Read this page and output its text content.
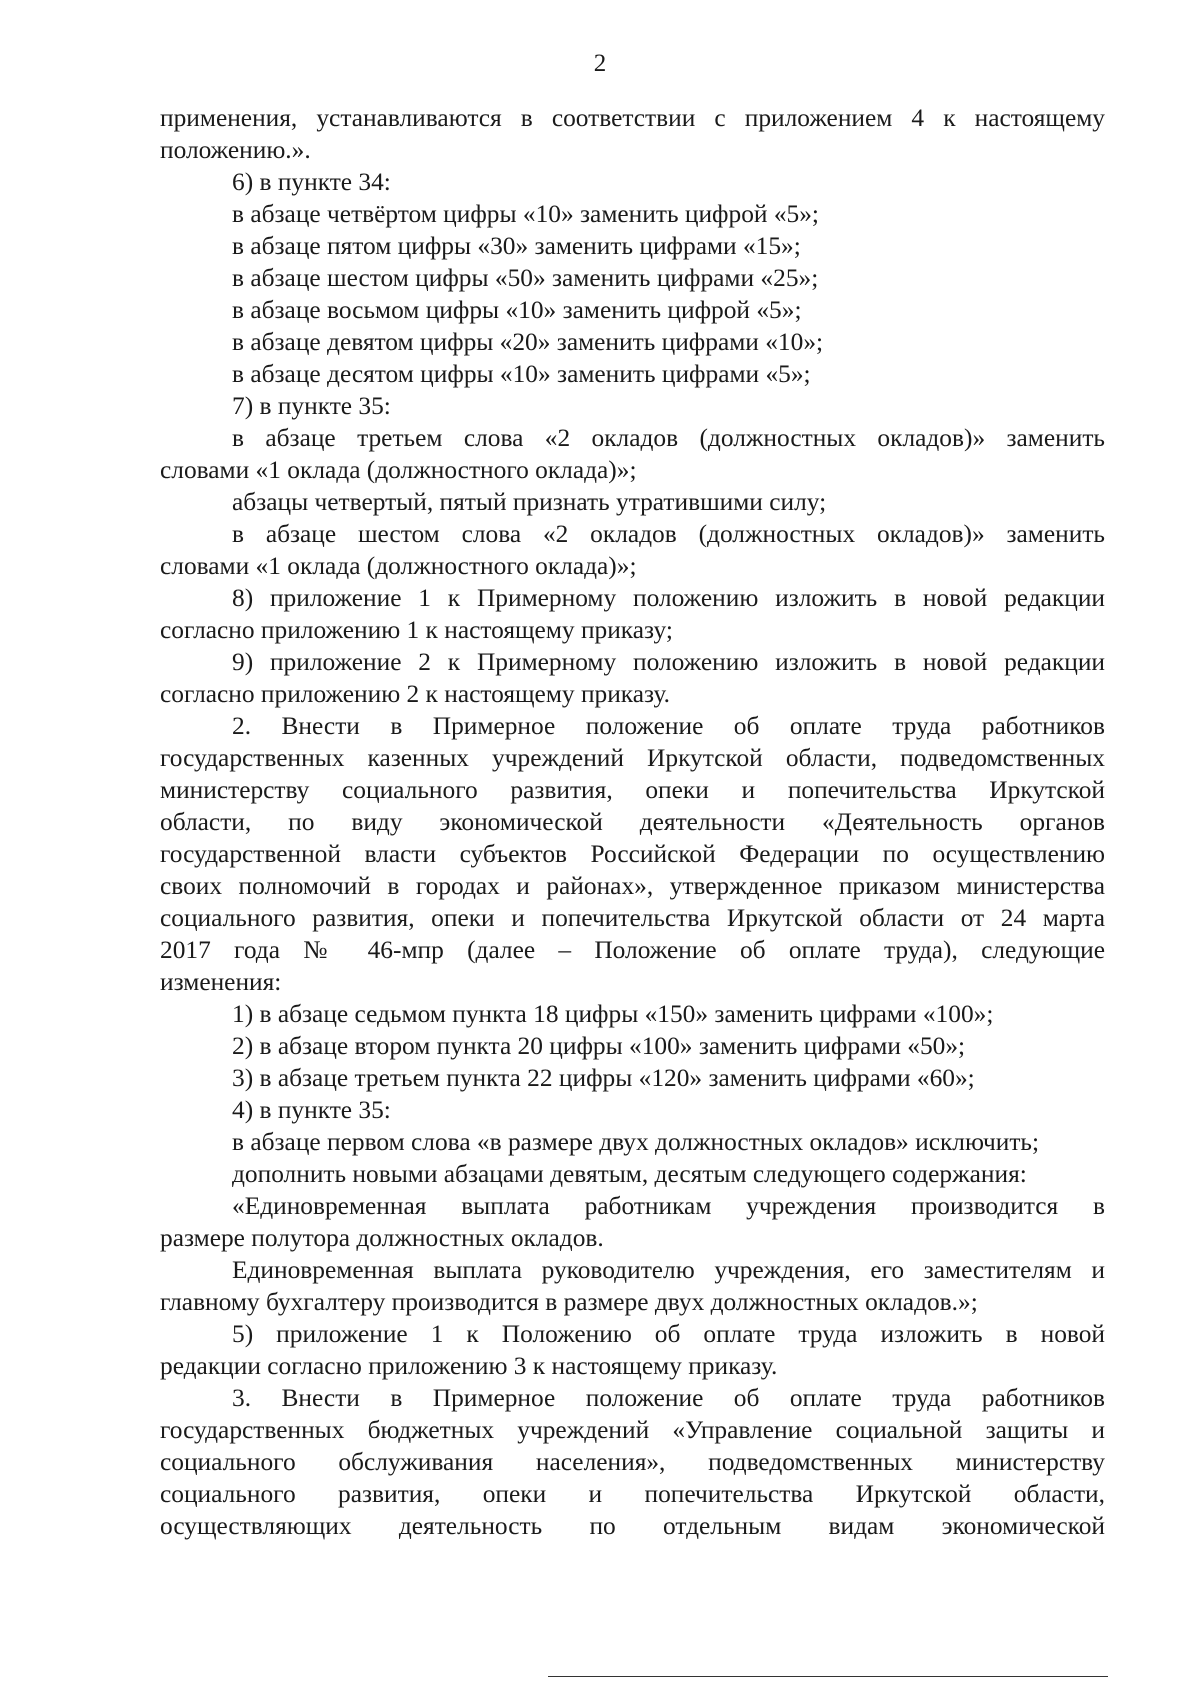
2
применения, устанавливаются в соответствии с приложением 4 к настоящему
положению.».
6) в пункте 34:
в абзаце четвёртом цифры «10» заменить цифрой «5»;
в абзаце пятом цифры «30» заменить цифрами «15»;
в абзаце шестом цифры «50» заменить цифрами «25»;
в абзаце восьмом цифры «10» заменить цифрой «5»;
в абзаце девятом цифры «20» заменить цифрами «10»;
в абзаце десятом цифры «10» заменить цифрами «5»;
7) в пункте 35:
в абзаце третьем слова «2 окладов (должностных окладов)» заменить
словами «1 оклада (должностного оклада)»;
абзацы четвертый, пятый признать утратившими силу;
в абзаце шестом слова «2 окладов (должностных окладов)» заменить
словами «1 оклада (должностного оклада)»;
8) приложение 1 к Примерному положению изложить в новой редакции
согласно приложению 1 к настоящему приказу;
9) приложение 2 к Примерному положению изложить в новой редакции
согласно приложению 2 к настоящему приказу.
2. Внести в Примерное положение об оплате труда работников
государственных казенных учреждений Иркутской области, подведомственных
министерству социального развития, опеки и попечительства Иркутской
области, по виду экономической деятельности «Деятельность органов
государственной власти субъектов Российской Федерации по осуществлению
своих полномочий в городах и районах», утвержденное приказом министерства
социального развития, опеки и попечительства Иркутской области от 24 марта
2017 года № 46-мпр (далее – Положение об оплате труда), следующие
изменения:
1) в абзаце седьмом пункта 18 цифры «150» заменить цифрами «100»;
2) в абзаце втором пункта 20 цифры «100» заменить цифрами «50»;
3) в абзаце третьем пункта 22 цифры «120» заменить цифрами «60»;
4) в пункте 35:
в абзаце первом слова «в размере двух должностных окладов» исключить;
дополнить новыми абзацами девятым, десятым следующего содержания:
«Единовременная выплата работникам учреждения производится в
размере полутора должностных окладов.
Единовременная выплата руководителю учреждения, его заместителям и
главному бухгалтеру производится в размере двух должностных окладов.»;
5) приложение 1 к Положению об оплате труда изложить в новой
редакции согласно приложению 3 к настоящему приказу.
3. Внести в Примерное положение об оплате труда работников
государственных бюджетных учреждений «Управление социальной защиты и
социального обслуживания населения», подведомственных министерству
социального развития, опеки и попечительства Иркутской области,
осуществляющих деятельность по отдельным видам экономической
